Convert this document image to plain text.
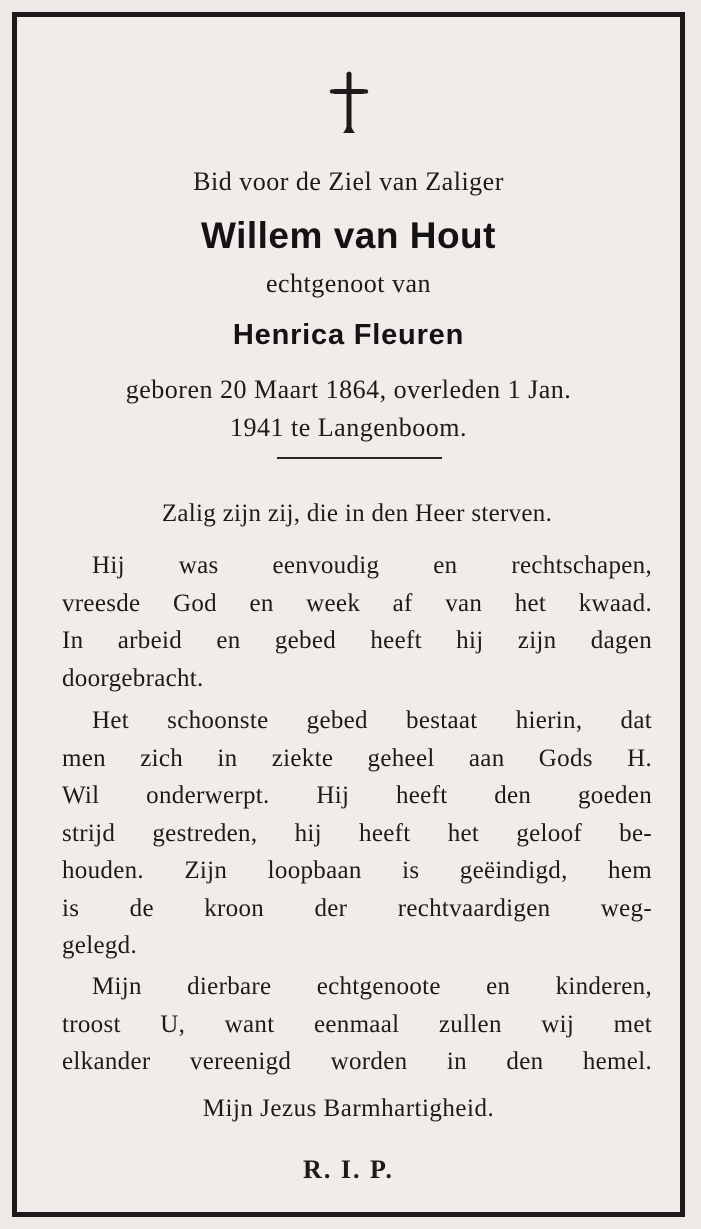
Bid voor de Ziel van Zaliger
Willem van Hout
echtgenoot van
Henrica Fleuren
geboren 20 Maart 1864, overleden 1 Jan.
1941 te Langenboom.
Zalig zijn zij, die in den Heer sterven.
Hij was eenvoudig en rechtschapen,
vreesde God en week af van het kwaad.
In arbeid en gebed heeft hij zijn dagen
doorgebracht.
Het schoonste gebed bestaat hierin, dat
men zich in ziekte geheel aan Gods H.
Wil onderwerpt. Hij heeft den goeden
strijd gestreden, hij heeft het geloof be-
houden. Zijn loopbaan is geëindigd, hem
is de kroon der rechtvaardigen weg-
gelegd.
Mijn dierbare echtgenoote en kinderen,
troost U, want eenmaal zullen wij met
elkander vereenigd worden in den hemel.
Mijn Jezus Barmhartigheid.
R. I. P.
